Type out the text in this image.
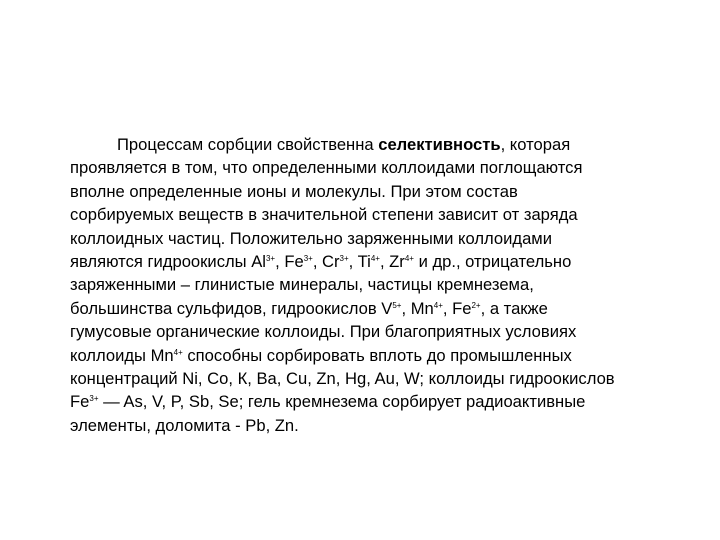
Процессам сорбции свойственна селективность, которая
проявляется в том, что определенными коллоидами поглощаются
вполне определенные ионы и молекулы. При этом состав
сорбируемых веществ в значительной степени зависит от заряда
коллоидных частиц. Положительно заряженными коллоидами
являются гидроокислы $Al^{3+}$, $Fe^{3+}$, $Cr^{3+}$, $Ti^{4+}$, $Zr^{4+}$ и др., отрицательно
заряженными – глинистые минералы, частицы кремнезема,
большинства сульфидов, гидроокислов $V^{5+}$, $Mn^{4+}$, $Fe^{2+}$, а также
гумусовые органические коллоиды. При благоприятных условиях
коллоиды $Mn^{4+}$ способны сорбировать вплоть до промышленных
концентраций Ni, Co, К, Ва, Cu, Zn, Hg, Au, W; коллоиды гидроокислов
$Fe^{3+}$ — As, V, P, Sb, Se; гель кремнезема сорбирует радиоактивные
элементы, доломита - Pb, Zn.
